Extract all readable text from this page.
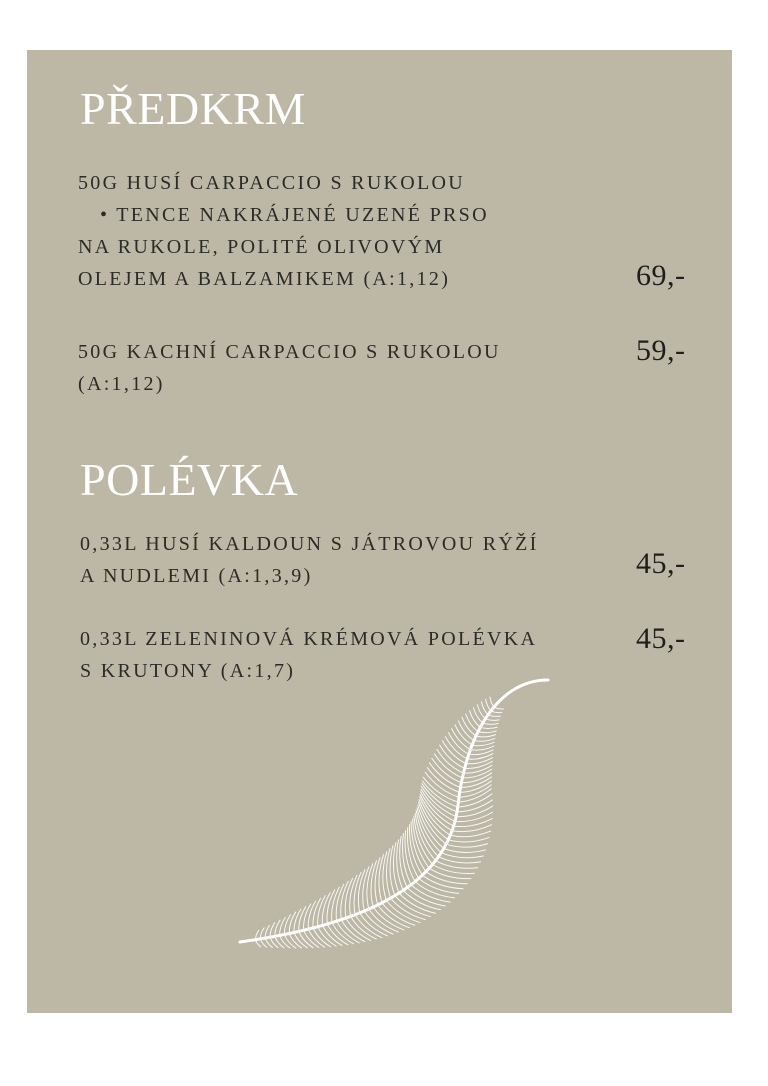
PŘEDKRM
50G HUSÍ CARPACCIO S RUKOLOU
• TENCE NAKRÁJENÉ UZENÉ PRSO
NA RUKOLE, POLITÉ OLIVOVÝM
OLEJEM A BALZAMIKEM (A:1,12)	69,-
50G KACHNÍ CARPACCIO S RUKOLOU
(A:1,12)
59,-
POLÉVKA
0,33L HUSÍ KALDOUN S JÁTROVOU RÝŽÍ
A NUDLEMI (A:1,3,9)	45,-
0,33L ZELENINOVÁ KRÉMOVÁ POLÉVKA
S KRUTONY (A:1,7)
45,-
